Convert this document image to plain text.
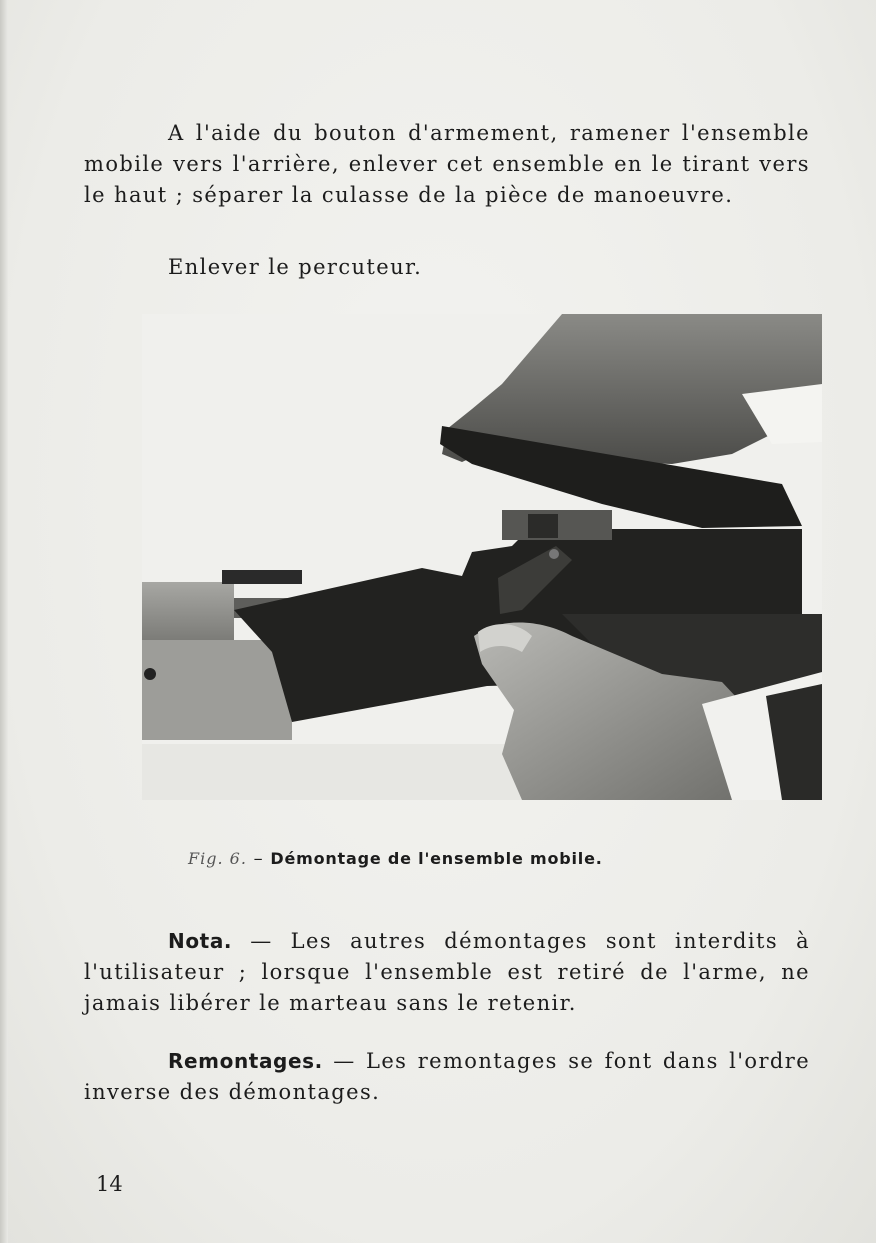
A l'aide du bouton d'armement, ramener l'ensemble mobile vers l'arrière, enlever cet ensemble en le tirant vers le haut ; séparer la culasse de la pièce de manoeuvre.

Enlever le percuteur.

Fig. 6. – Démontage de l'ensemble mobile.

Nota. — Les autres démontages sont interdits à l'utilisateur ; lorsque l'ensemble est retiré de l'arme, ne jamais libérer le marteau sans le retenir.

Remontages. — Les remontages se font dans l'ordre inverse des démontages.

14
